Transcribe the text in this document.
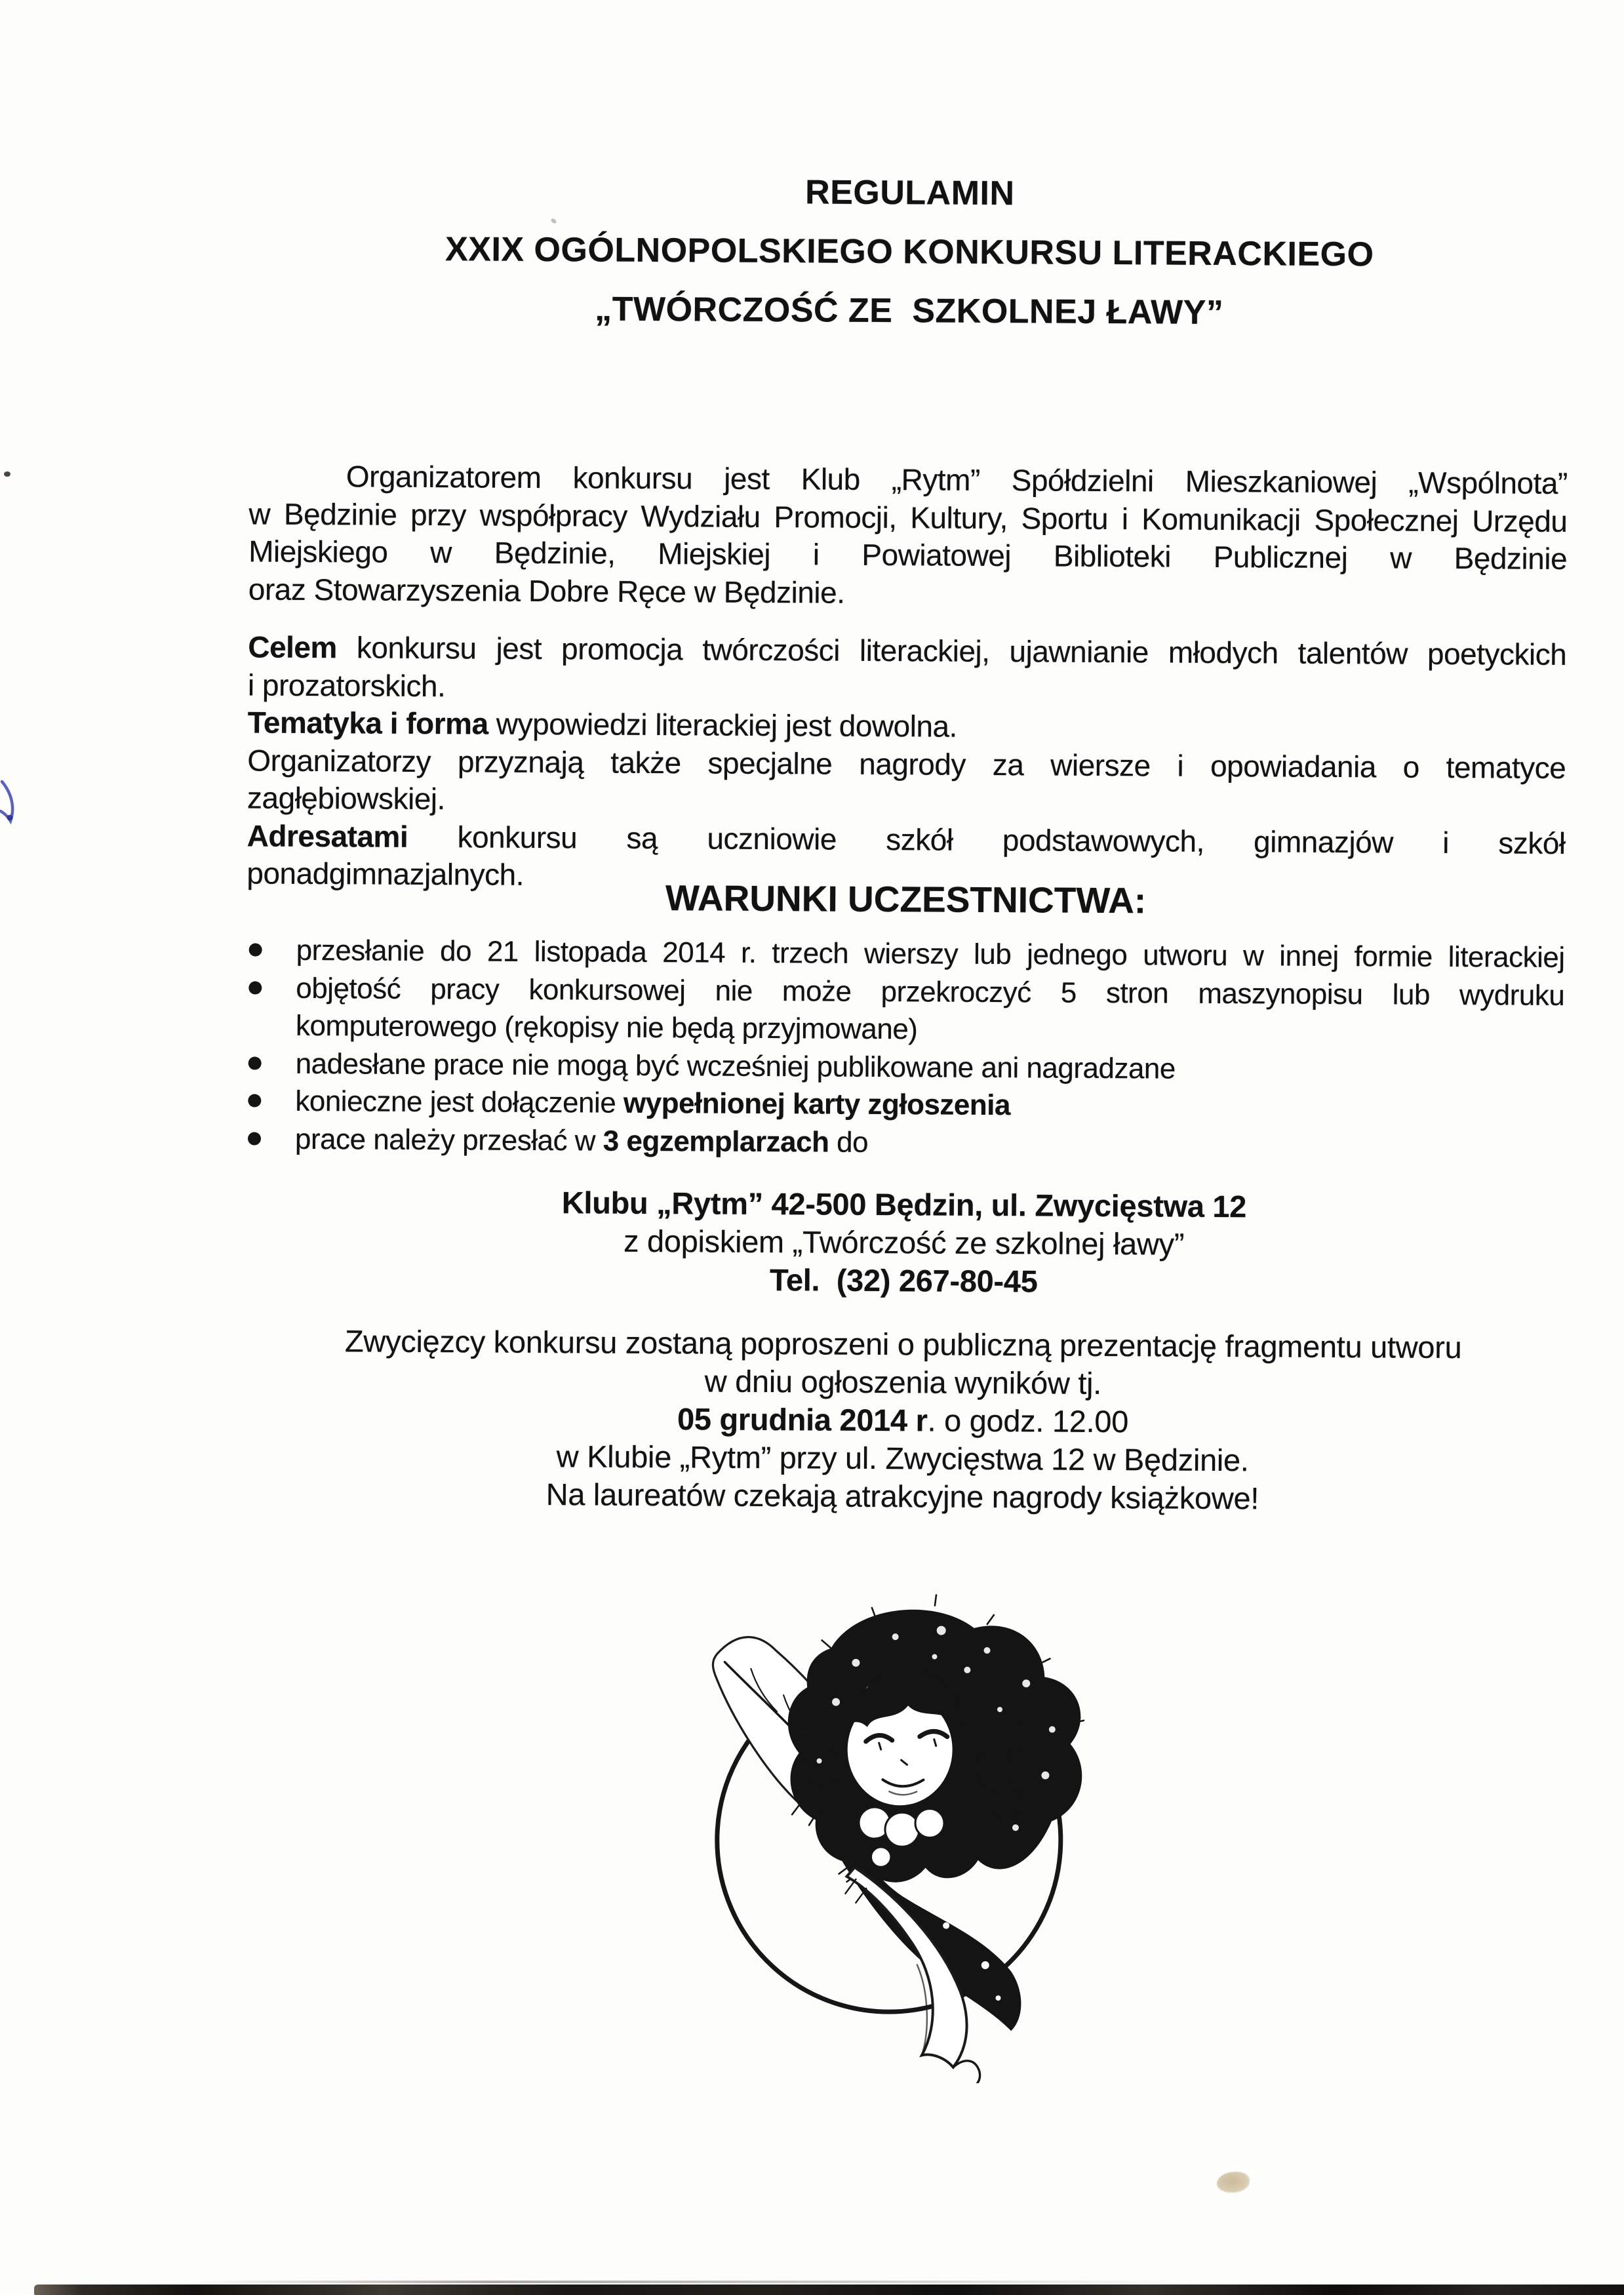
REGULAMIN
XXIX OGÓLNOPOLSKIEGO KONKURSU LITERACKIEGO
„TWÓRCZOŚĆ ZE  SZKOLNEJ ŁAWY”
Organizatorem konkursu jest Klub „Rytm” Spółdzielni Mieszkaniowej „Wspólnota”
w Będzinie przy współpracy Wydziału Promocji, Kultury, Sportu i Komunikacji Społecznej Urzędu
Miejskiego w Będzinie, Miejskiej i Powiatowej Biblioteki Publicznej w Będzinie
oraz Stowarzyszenia Dobre Ręce w Będzinie.
Celem konkursu jest promocja twórczości literackiej, ujawnianie młodych talentów poetyckich
i prozatorskich.
Tematyka i forma wypowiedzi literackiej jest dowolna.
Organizatorzy przyznają także specjalne nagrody za wiersze i opowiadania o tematyce
zagłębiowskiej.
Adresatami konkursu są uczniowie szkół podstawowych, gimnazjów i szkół
ponadgimnazjalnych.
WARUNKI UCZESTNICTWA:
przesłanie do 21 listopada 2014 r. trzech wierszy lub jednego utworu w innej formie literackiej
objętość pracy konkursowej nie może przekroczyć 5 stron maszynopisu lub wydruku
komputerowego (rękopisy nie będą przyjmowane)
nadesłane prace nie mogą być wcześniej publikowane ani nagradzane
konieczne jest dołączenie wypełnionej karty zgłoszenia
prace należy przesłać w 3 egzemplarzach do
Klubu „Rytm” 42-500 Będzin, ul. Zwycięstwa 12
z dopiskiem „Twórczość ze szkolnej ławy”
Tel.  (32) 267-80-45
Zwycięzcy konkursu zostaną poproszeni o publiczną prezentację fragmentu utworu
w dniu ogłoszenia wyników tj.
05 grudnia 2014 r. o godz. 12.00
w Klubie „Rytm” przy ul. Zwycięstwa 12 w Będzinie.
Na laureatów czekają atrakcyjne nagrody książkowe!
